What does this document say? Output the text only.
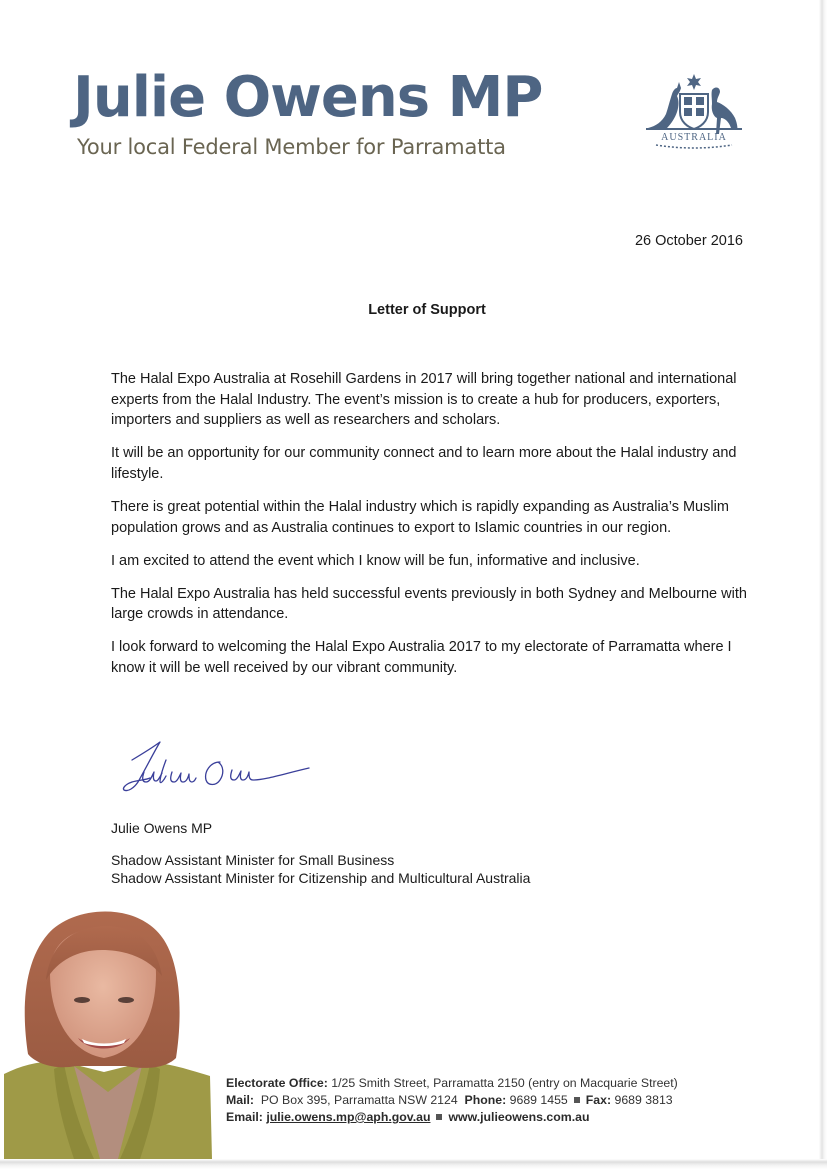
Julie Owens MP
Your local Federal Member for Parramatta	AUSTRALIA
26 October 2016
Letter of Support

The Halal Expo Australia at Rosehill Gardens in 2017 will bring together national and international experts from the Halal Industry. The event’s mission is to create a hub for producers, exporters, importers and suppliers as well as researchers and scholars.

It will be an opportunity for our community connect and to learn more about the Halal industry and lifestyle.

There is great potential within the Halal industry which is rapidly expanding as Australia’s Muslim population grows and as Australia continues to export to Islamic countries in our region.

I am excited to attend the event which I know will be fun, informative and inclusive.

The Halal Expo Australia has held successful events previously in both Sydney and Melbourne with large crowds in attendance.

I look forward to welcoming the Halal Expo Australia 2017 to my electorate of Parramatta where I know it will be well received by our vibrant community.

Julie Owens MP
Shadow Assistant Minister for Small Business
Shadow Assistant Minister for Citizenship and Multicultural Australia
Electorate Office: 1/25 Smith Street, Parramatta 2150 (entry on Macquarie Street)
Mail: PO Box 395, Parramatta NSW 2124 Phone: 9689 1455 Fax: 9689 3813
Email: julie.owens.mp@aph.gov.au www.julieowens.com.au
